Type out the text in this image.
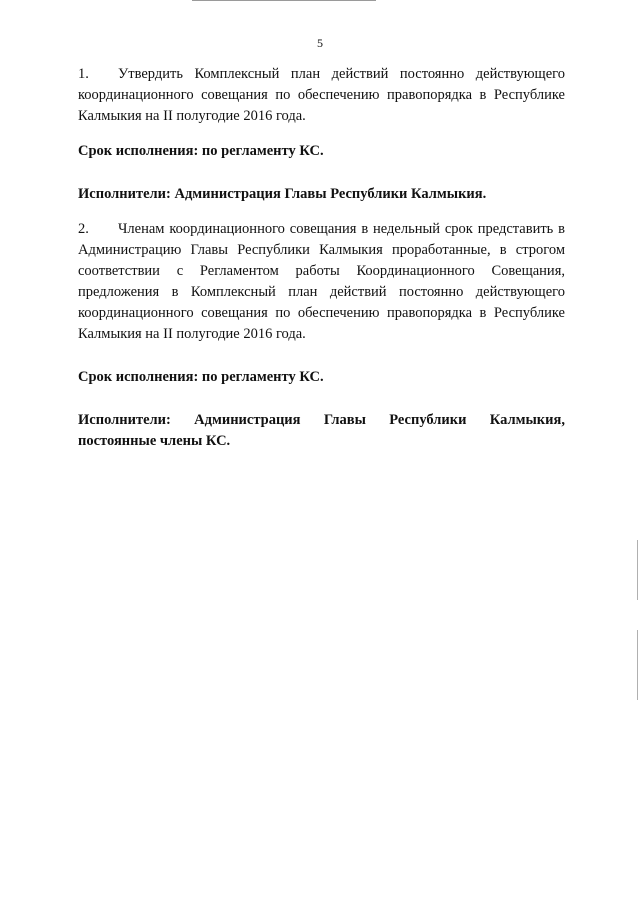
5

1. Утвердить Комплексный план действий постоянно действующего координационного совещания по обеспечению правопорядка в Республике Калмыкия на II полугодие 2016 года.

Срок исполнения: по регламенту КС.

Исполнители: Администрация Главы Республики Калмыкия.

2. Членам координационного совещания в недельный срок представить в Администрацию Главы Республики Калмыкия проработанные, в строгом соответствии с Регламентом работы Координационного Совещания, предложения в Комплексный план действий постоянно действующего координационного совещания по обеспечению правопорядка в Республике Калмыкия на II полугодие 2016 года.

Срок исполнения: по регламенту КС.

Исполнители: Администрация Главы Республики Калмыкия, постоянные члены КС.
